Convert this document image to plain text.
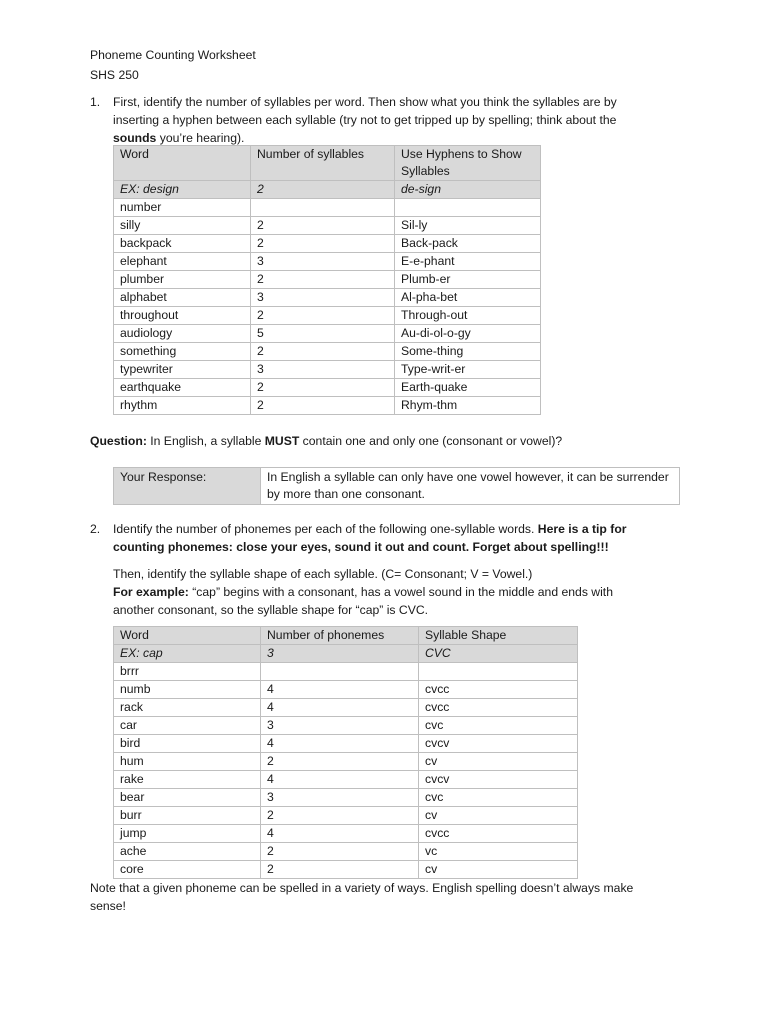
Phoneme Counting Worksheet
SHS 250
1. First, identify the number of syllables per word. Then show what you think the syllables are by
inserting a hyphen between each syllable (try not to get tripped up by spelling; think about the
sounds you’re hearing).
Word	Number of syllables	Use Hyphens to Show Syllables
EX: design	2	de-sign
number		
silly	2	Sil-ly
backpack	2	Back-pack
elephant	3	E-e-phant
plumber	2	Plumb-er
alphabet	3	Al-pha-bet
throughout	2	Through-out
audiology	5	Au-di-ol-o-gy
something	2	Some-thing
typewriter	3	Type-writ-er
earthquake	2	Earth-quake
rhythm	2	Rhym-thm
Question: In English, a syllable MUST contain one and only one (consonant or vowel)?
Your Response:	In English a syllable can only have one vowel however, it can be surrender by more than one consonant.
2. Identify the number of phonemes per each of the following one-syllable words. Here is a tip for
counting phonemes: close your eyes, sound it out and count. Forget about spelling!!!
Then, identify the syllable shape of each syllable. (C= Consonant; V = Vowel.)
For example: “cap” begins with a consonant, has a vowel sound in the middle and ends with
another consonant, so the syllable shape for “cap” is CVC.
Word	Number of phonemes	Syllable Shape
EX: cap	3	CVC
brrr		
numb	4	cvcc
rack	4	cvcc
car	3	cvc
bird	4	cvcv
hum	2	cv
rake	4	cvcv
bear	3	cvc
burr	2	cv
jump	4	cvcc
ache	2	vc
core	2	cv
Note that a given phoneme can be spelled in a variety of ways. English spelling doesn’t always make
sense!
